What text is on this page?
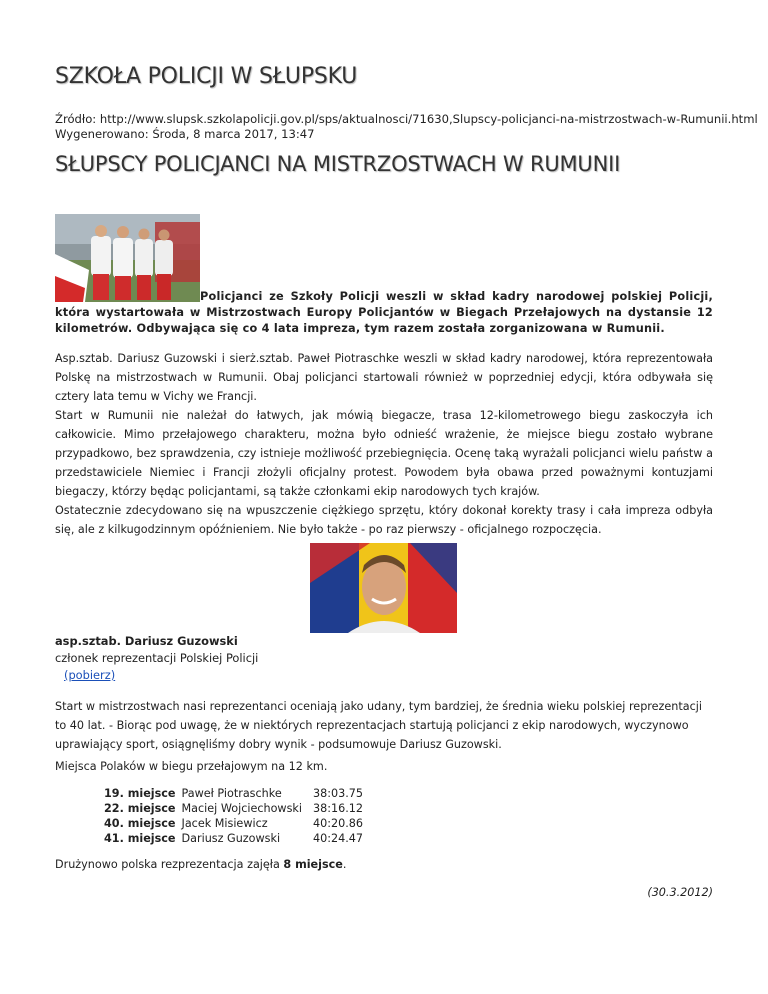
SZKOŁA POLICJI W SŁUPSKU
Źródło: http://www.slupsk.szkolapolicji.gov.pl/sps/aktualnosci/71630,Slupscy-policjanci-na-mistrzostwach-w-Rumunii.html
Wygenerowano: Środa, 8 marca 2017, 13:47
SŁUPSCY POLICJANCI NA MISTRZOSTWACH W RUMUNII

Policjanci ze Szkoły Policji weszli w skład kadry narodowej polskiej Policji, która wystartowała w Mistrzostwach Europy Policjantów w Biegach Przełajowych na dystansie 12 kilometrów. Odbywająca się co 4 lata impreza, tym razem została zorganizowana w Rumunii.

Asp.sztab. Dariusz Guzowski i sierż.sztab. Paweł Piotraschke weszli w skład kadry narodowej, która reprezentowała Polskę na mistrzostwach w Rumunii. Obaj policjanci startowali również w poprzedniej edycji, która odbywała się cztery lata temu w Vichy we Francji.

Start w Rumunii nie należał do łatwych, jak mówią biegacze, trasa 12-kilometrowego biegu zaskoczyła ich całkowicie. Mimo przełajowego charakteru, można było odnieść wrażenie, że miejsce biegu zostało wybrane przypadkowo, bez sprawdzenia, czy istnieje możliwość przebiegnięcia. Ocenę taką wyrażali policjanci wielu państw a przedstawiciele Niemiec i Francji złożyli oficjalny protest. Powodem była obawa przed poważnymi kontuzjami biegaczy, którzy będąc policjantami, są także członkami ekip narodowych tych krajów.

Ostatecznie zdecydowano się na wpuszczenie ciężkiego sprzętu, który dokonał korekty trasy i cała impreza odbyła się, ale z kilkugodzinnym opóźnieniem. Nie było także - po raz pierwszy - oficjalnego rozpoczęcia.

asp.sztab. Dariusz Guzowski
członek reprezentacji Polskiej Policji
(pobierz)

Start w mistrzostwach nasi reprezentanci oceniają jako udany, tym bardziej, że średnia wieku polskiej reprezentacji to 40 lat. - Biorąc pod uwagę, że w niektórych reprezentacjach startują policjanci z ekip narodowych, wyczynowo uprawiający sport, osiągnęliśmy dobry wynik - podsumowuje Dariusz Guzowski.

Miejsca Polaków w biegu przełajowym na 12 km.

19. miejsce	Paweł Piotraschke	38:03.75
22. miejsce	Maciej Wojciechowski	38:16.12
40. miejsce	Jacek Misiewicz	40:20.86
41. miejsce	Dariusz Guzowski	40:24.47

Drużynowo polska rezprezentacja zajęła 8 miejsce.

(30.3.2012)
